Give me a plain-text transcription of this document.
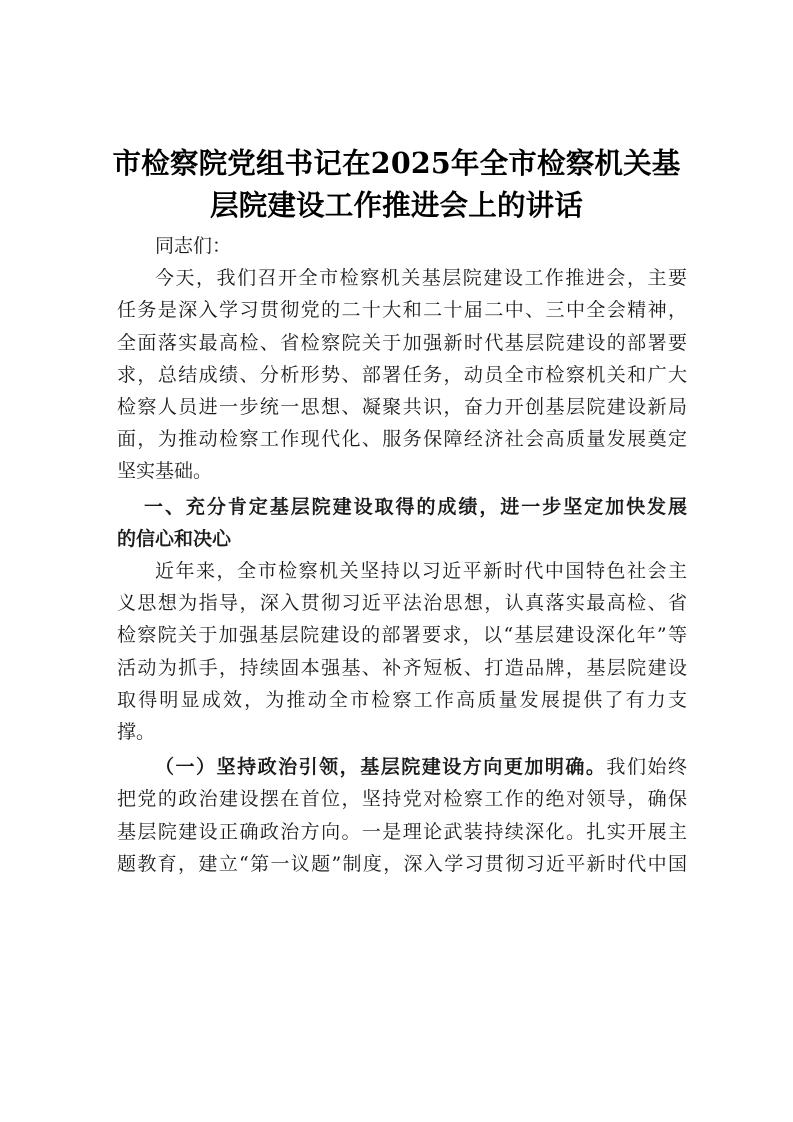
市检察院党组书记在2025年全市检察机关基
层院建设工作推进会上的讲话

同志们：

今天，我们召开全市检察机关基层院建设工作推进会，主要
任务是深入学习贯彻党的二十大和二十届二中、三中全会精神，
全面落实最高检、省检察院关于加强新时代基层院建设的部署要
求，总结成绩、分析形势、部署任务，动员全市检察机关和广大
检察人员进一步统一思想、凝聚共识，奋力开创基层院建设新局
面，为推动检察工作现代化、服务保障经济社会高质量发展奠定
坚实基础。

一、充分肯定基层院建设取得的成绩，进一步坚定加快发展
的信心和决心

近年来，全市检察机关坚持以习近平新时代中国特色社会主
义思想为指导，深入贯彻习近平法治思想，认真落实最高检、省
检察院关于加强基层院建设的部署要求，以“基层建设深化年”等
活动为抓手，持续固本强基、补齐短板、打造品牌，基层院建设
取得明显成效，为推动全市检察工作高质量发展提供了有力支
撑。

（一）坚持政治引领，基层院建设方向更加明确。我们始终
把党的政治建设摆在首位，坚持党对检察工作的绝对领导，确保
基层院建设正确政治方向。一是理论武装持续深化。扎实开展主
题教育，建立“第一议题”制度，深入学习贯彻习近平新时代中国
